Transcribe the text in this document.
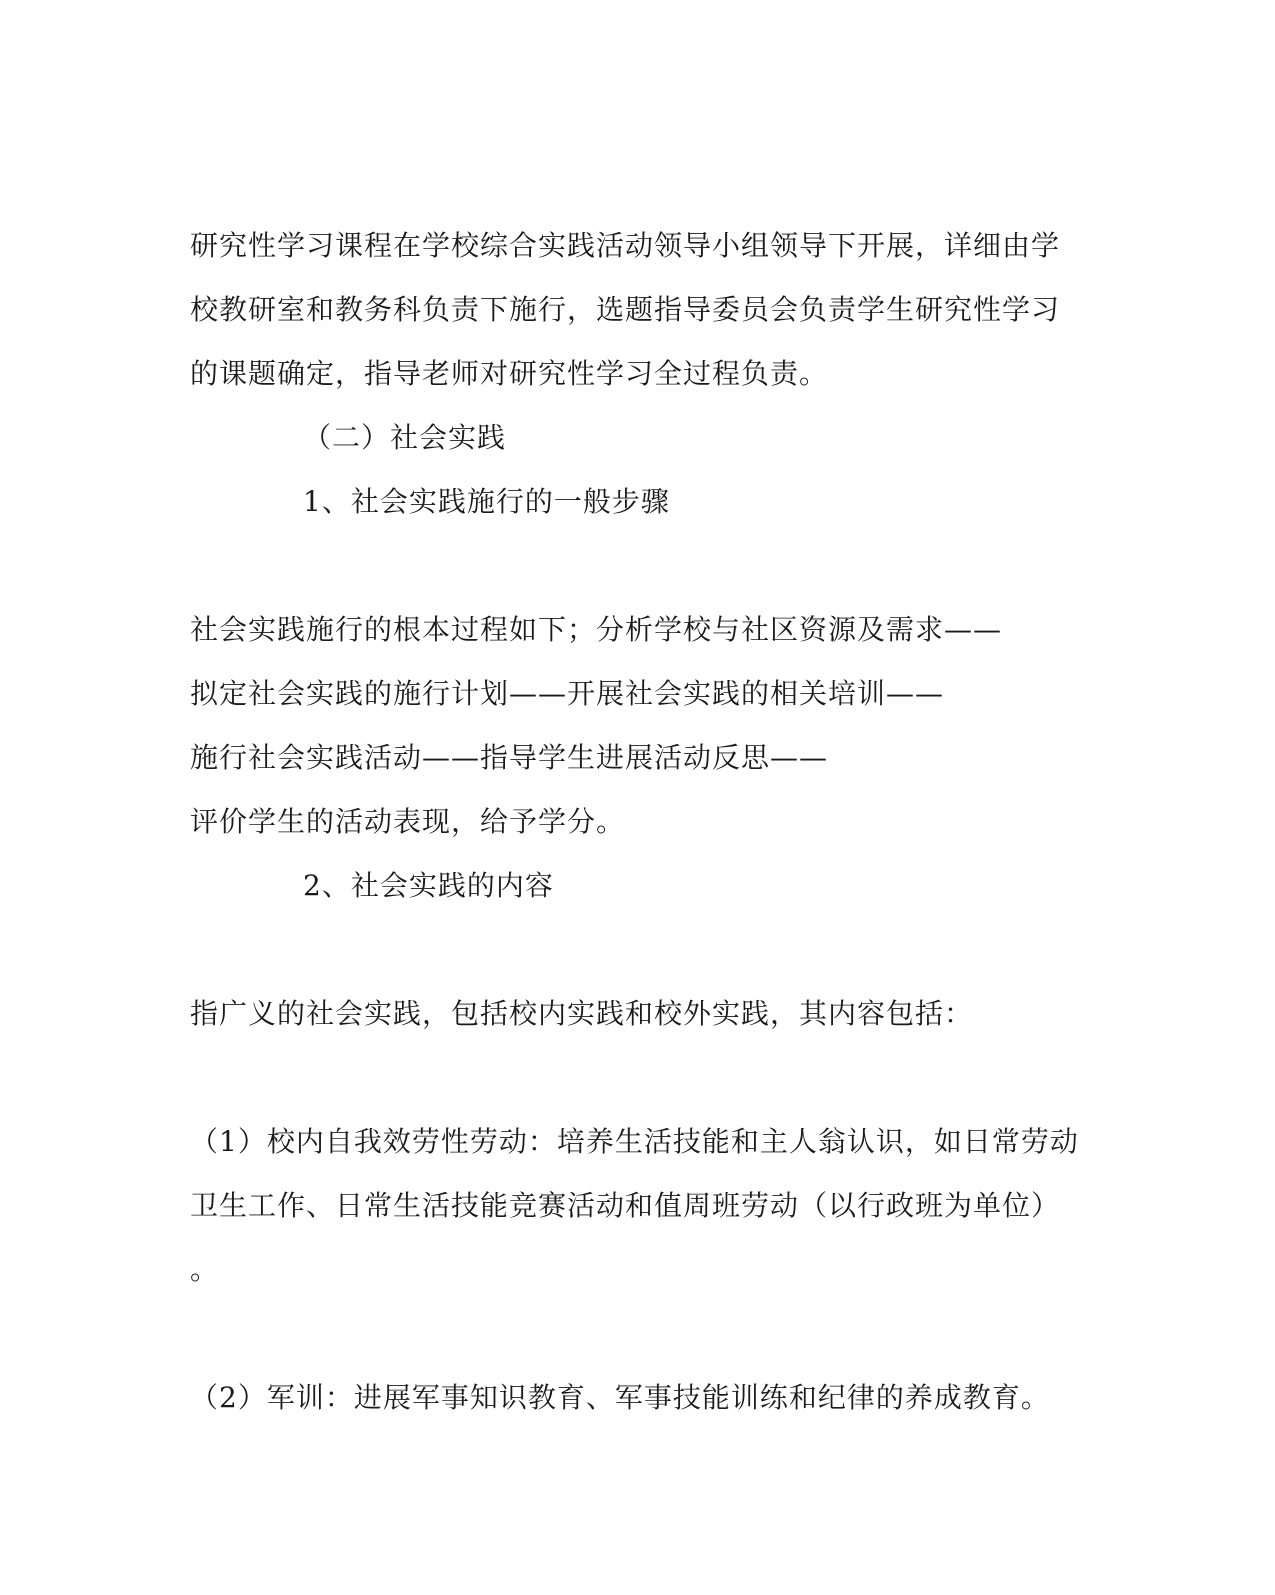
研究性学习课程在学校综合实践活动领导小组领导下开展，详细由学
校教研室和教务科负责下施行，选题指导委员会负责学生研究性学习
的课题确定，指导老师对研究性学习全过程负责。
（二）社会实践
1、社会实践施行的一般步骤
社会实践施行的根本过程如下；分析学校与社区资源及需求——
拟定社会实践的施行计划——开展社会实践的相关培训——
施行社会实践活动——指导学生进展活动反思——
评价学生的活动表现，给予学分。
2、社会实践的内容
指广义的社会实践，包括校内实践和校外实践，其内容包括：
（1）校内自我效劳性劳动：培养生活技能和主人翁认识，如日常劳动
卫生工作、日常生活技能竞赛活动和值周班劳动（以行政班为单位）
。
（2）军训：进展军事知识教育、军事技能训练和纪律的养成教育。
